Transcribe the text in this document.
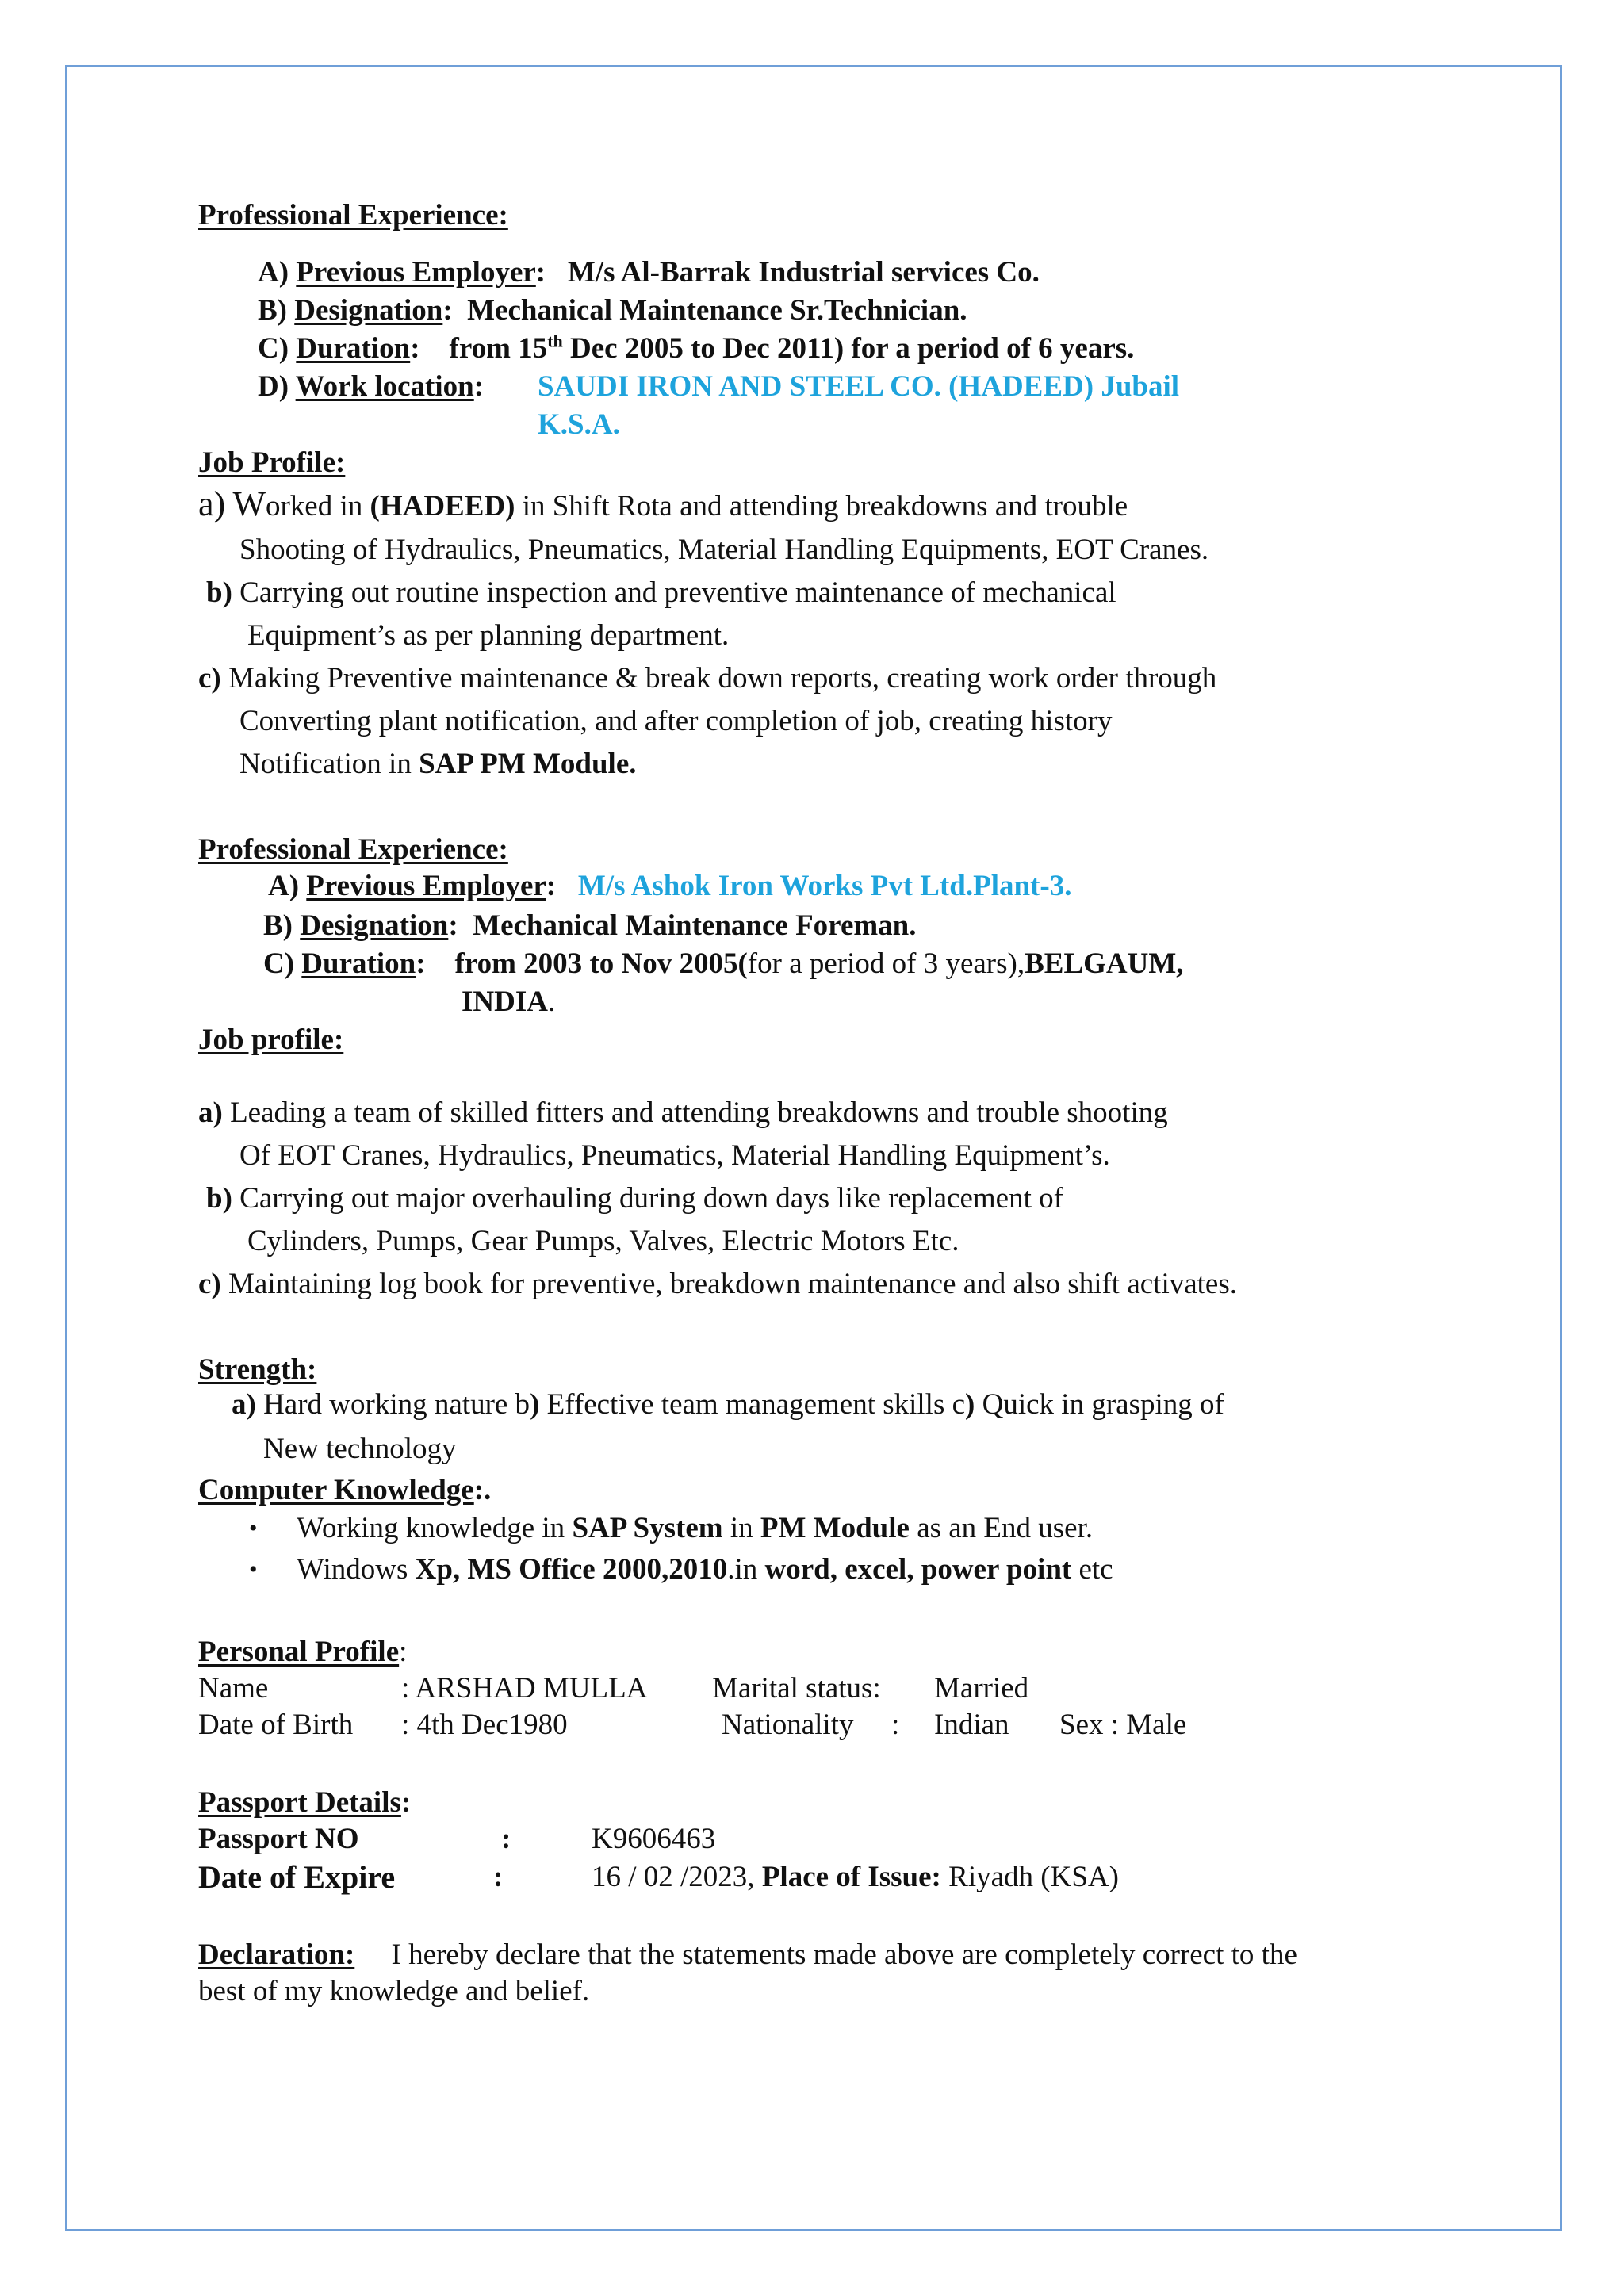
Professional Experience:
A) Previous Employer: M/s Al-Barrak Industrial services Co.
B) Designation: Mechanical Maintenance Sr.Technician.
C) Duration: from 15th Dec 2005 to Dec 2011) for a period of 6 years.
D) Work location: SAUDI IRON AND STEEL CO. (HADEED) Jubail
K.S.A.
Job Profile:
a) Worked in (HADEED) in Shift Rota and attending breakdowns and trouble
Shooting of Hydraulics, Pneumatics, Material Handling Equipments, EOT Cranes.
b) Carrying out routine inspection and preventive maintenance of mechanical
Equipment’s as per planning department.
c) Making Preventive maintenance & break down reports, creating work order through
Converting plant notification, and after completion of job, creating history
Notification in SAP PM Module.
Professional Experience:
A) Previous Employer: M/s Ashok Iron Works Pvt Ltd.Plant-3.
B) Designation: Mechanical Maintenance Foreman.
C) Duration: from 2003 to Nov 2005(for a period of 3 years),BELGAUM,
INDIA.
Job profile:
a) Leading a team of skilled fitters and attending breakdowns and trouble shooting
Of EOT Cranes, Hydraulics, Pneumatics, Material Handling Equipment’s.
b) Carrying out major overhauling during down days like replacement of
Cylinders, Pumps, Gear Pumps, Valves, Electric Motors Etc.
c) Maintaining log book for preventive, breakdown maintenance and also shift activates.
Strength:
a) Hard working nature b) Effective team management skills c) Quick in grasping of
New technology
Computer Knowledge:.
• Working knowledge in SAP System in PM Module as an End user.
• Windows Xp, MS Office 2000,2010.in word, excel, power point etc
Personal Profile:
Name	: ARSHAD MULLA Marital status: Married
Date of Birth : 4th Dec1980	Nationality : Indian Sex : Male
Passport Details:
Passport NO	:	K9606463
Date of Expire	:	16 / 02 /2023, Place of Issue: Riyadh (KSA)
Declaration: I hereby declare that the statements made above are completely correct to the
best of my knowledge and belief.
